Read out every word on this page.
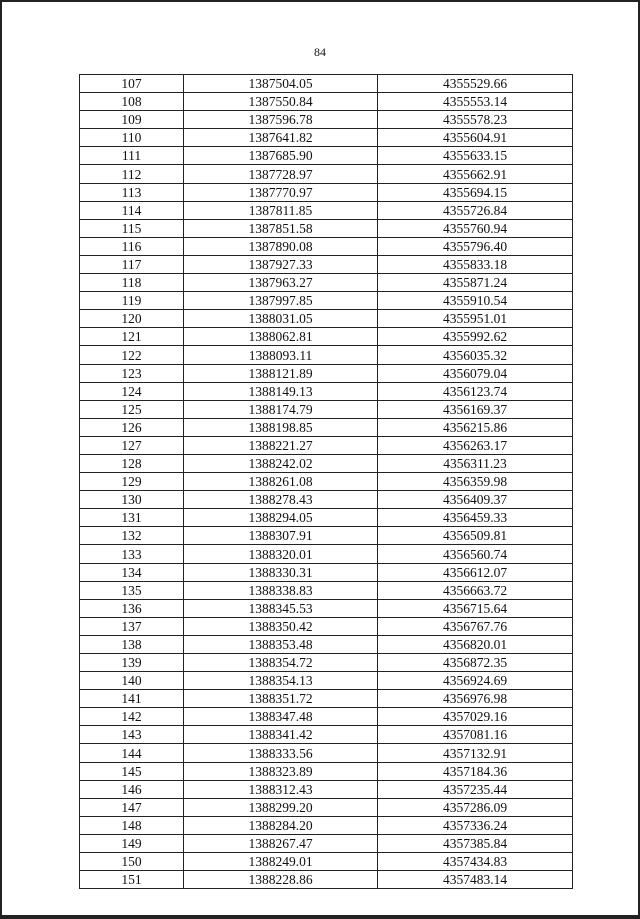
84
107	1387504.05	4355529.66
108	1387550.84	4355553.14
109	1387596.78	4355578.23
110	1387641.82	4355604.91
111	1387685.90	4355633.15
112	1387728.97	4355662.91
113	1387770.97	4355694.15
114	1387811.85	4355726.84
115	1387851.58	4355760.94
116	1387890.08	4355796.40
117	1387927.33	4355833.18
118	1387963.27	4355871.24
119	1387997.85	4355910.54
120	1388031.05	4355951.01
121	1388062.81	4355992.62
122	1388093.11	4356035.32
123	1388121.89	4356079.04
124	1388149.13	4356123.74
125	1388174.79	4356169.37
126	1388198.85	4356215.86
127	1388221.27	4356263.17
128	1388242.02	4356311.23
129	1388261.08	4356359.98
130	1388278.43	4356409.37
131	1388294.05	4356459.33
132	1388307.91	4356509.81
133	1388320.01	4356560.74
134	1388330.31	4356612.07
135	1388338.83	4356663.72
136	1388345.53	4356715.64
137	1388350.42	4356767.76
138	1388353.48	4356820.01
139	1388354.72	4356872.35
140	1388354.13	4356924.69
141	1388351.72	4356976.98
142	1388347.48	4357029.16
143	1388341.42	4357081.16
144	1388333.56	4357132.91
145	1388323.89	4357184.36
146	1388312.43	4357235.44
147	1388299.20	4357286.09
148	1388284.20	4357336.24
149	1388267.47	4357385.84
150	1388249.01	4357434.83
151	1388228.86	4357483.14
